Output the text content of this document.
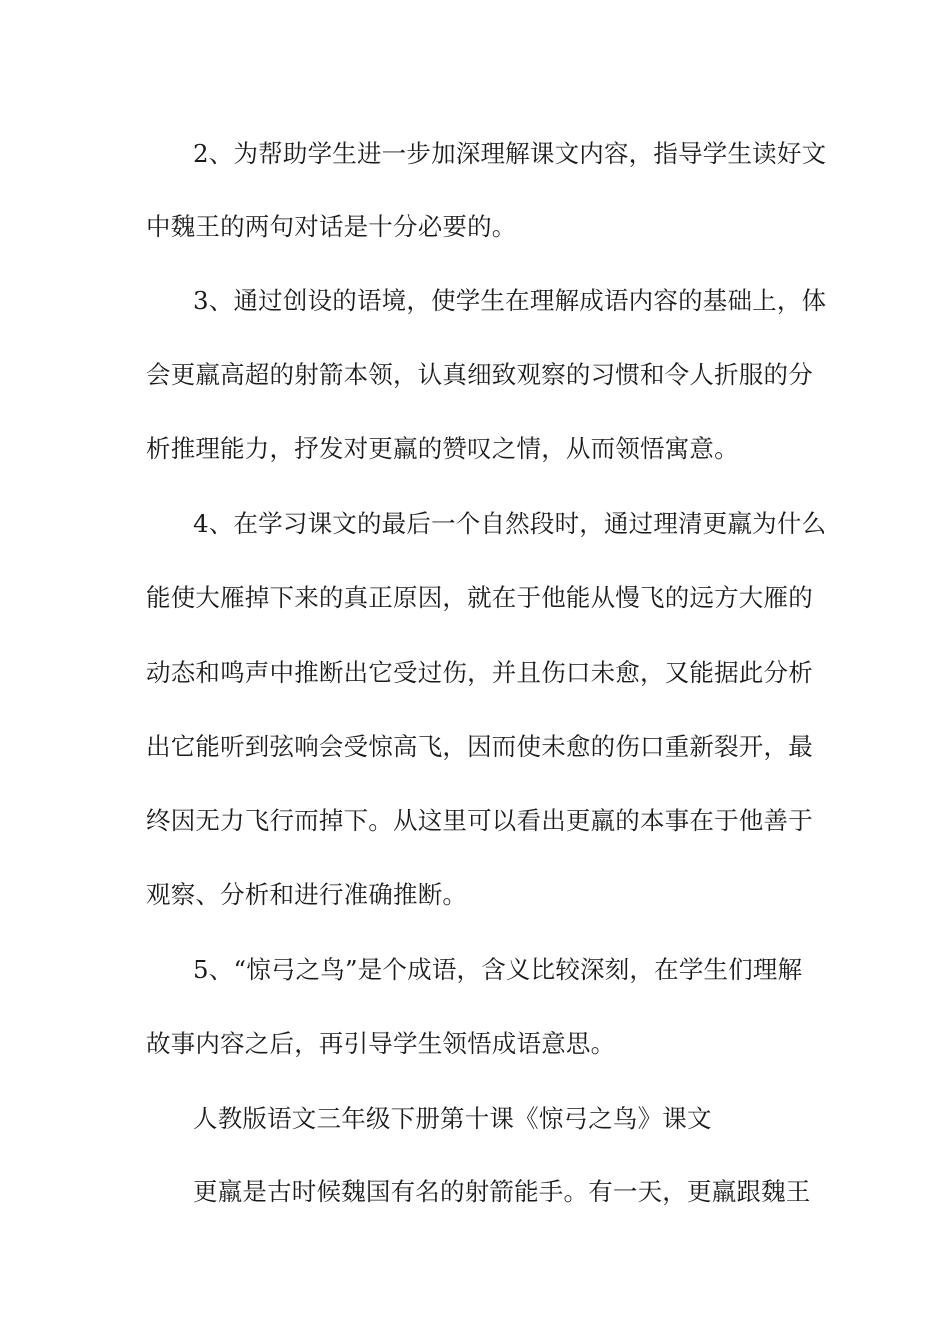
2、为帮助学生进一步加深理解课文内容，指导学生读好文
中魏王的两句对话是十分必要的。
3、通过创设的语境，使学生在理解成语内容的基础上，体
会更羸高超的射箭本领，认真细致观察的习惯和令人折服的分
析推理能力，抒发对更羸的赞叹之情，从而领悟寓意。
4、在学习课文的最后一个自然段时，通过理清更羸为什么
能使大雁掉下来的真正原因，就在于他能从慢飞的远方大雁的
动态和鸣声中推断出它受过伤，并且伤口未愈，又能据此分析
出它能听到弦响会受惊高飞，因而使未愈的伤口重新裂开，最
终因无力飞行而掉下。从这里可以看出更羸的本事在于他善于
观察、分析和进行准确推断。
5、“惊弓之鸟”是个成语，含义比较深刻，在学生们理解
故事内容之后，再引导学生领悟成语意思。
人教版语文三年级下册第十课《惊弓之鸟》课文
更羸是古时候魏国有名的射箭能手。有一天，更羸跟魏王
